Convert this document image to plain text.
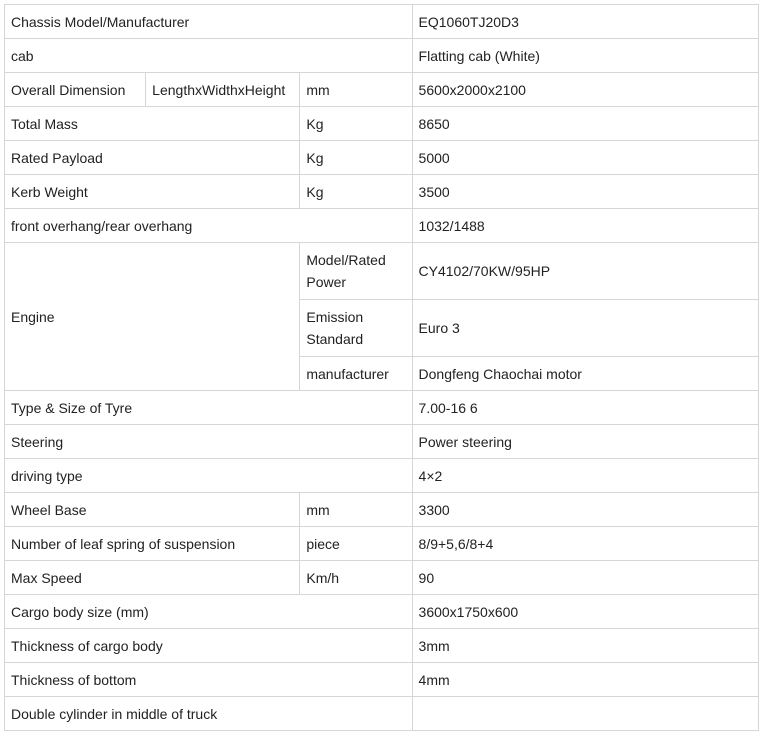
Chassis Model/Manufacturer			EQ1060TJ20D3
cab			Flatting cab (White)
Overall Dimension	LengthxWidthxHeight	mm	5600x2000x2100
Total Mass		Kg	8650
Rated Payload		Kg	5000
Kerb Weight		Kg	3500
front overhang/rear overhang			1032/1488
Engine		Model/Rated Power	CY4102/70KW/95HP
		Emission Standard	Euro 3
		manufacturer	Dongfeng Chaochai motor
Type & Size of Tyre			7.00-16 6
Steering			Power steering
driving type			4×2
Wheel Base		mm	3300
Number of leaf spring of suspension		piece	8/9+5,6/8+4
Max Speed		Km/h	90
Cargo body size (mm)			3600x1750x600
Thickness of cargo body			3mm
Thickness of bottom			4mm
Double cylinder in middle of truck			
